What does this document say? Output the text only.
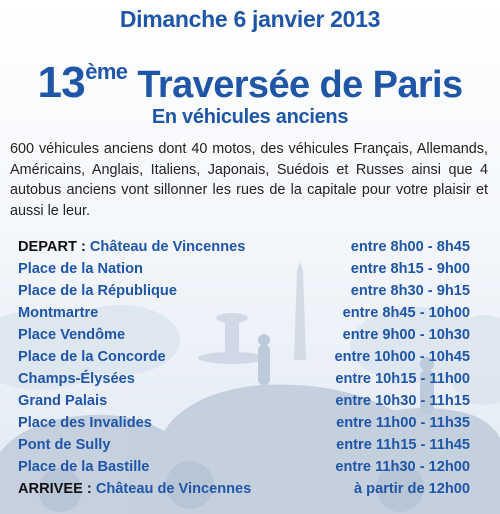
Dimanche 6 janvier 2013
13ème Traversée de Paris
En véhicules anciens

600 véhicules anciens dont 40 motos, des véhicules Français, Allemands, Américains, Anglais, Italiens, Japonais, Suédois et Russes ainsi que 4 autobus anciens vont sillonner les rues de la capitale pour votre plaisir et aussi le leur.

DEPART : Château de Vincennes	entre 8h00 - 8h45
Place de la Nation	entre 8h15 - 9h00
Place de la République	entre 8h30 - 9h15
Montmartre	entre 8h45 - 10h00
Place Vendôme	entre 9h00 - 10h30
Place de la Concorde	entre 10h00 - 10h45
Champs-Élysées	entre 10h15 - 11h00
Grand Palais	entre 10h30 - 11h15
Place des Invalides	entre 11h00 - 11h35
Pont de Sully	entre 11h15 - 11h45
Place de la Bastille	entre 11h30 - 12h00
ARRIVEE : Château de Vincennes	à partir de 12h00
